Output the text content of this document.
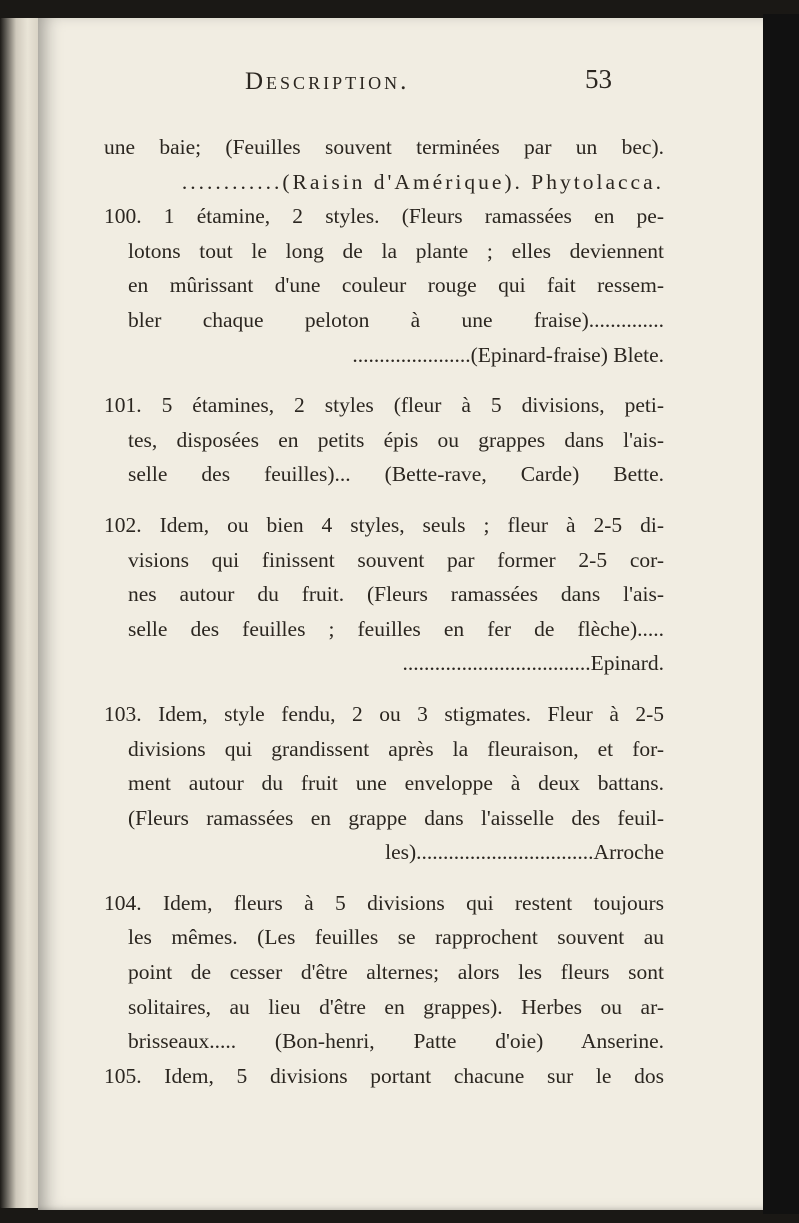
Description.	53
une baie; (Feuilles souvent terminées par un bec).
............(Raisin d'Amérique). Phytolacca.
100. 1 étamine, 2 styles. (Fleurs ramassées en pe-
lotons tout le long de la plante ; elles deviennent
en mûrissant d'une couleur rouge qui fait ressem-
bler chaque peloton à une fraise)..............
......................(Epinard-fraise) Blete.
101. 5 étamines, 2 styles (fleur à 5 divisions, peti-
tes, disposées en petits épis ou grappes dans l'ais-
selle des feuilles)... (Bette-rave, Carde) Bette.
102. Idem, ou bien 4 styles, seuls ; fleur à 2-5 di-
visions qui finissent souvent par former 2-5 cor-
nes autour du fruit. (Fleurs ramassées dans l'ais-
selle des feuilles ; feuilles en fer de flèche).....
...................................Epinard.
103. Idem, style fendu, 2 ou 3 stigmates. Fleur à 2-5
divisions qui grandissent après la fleuraison, et for-
ment autour du fruit une enveloppe à deux battans.
(Fleurs ramassées en grappe dans l'aisselle des feuil-
les).................................Arroche
104. Idem, fleurs à 5 divisions qui restent toujours
les mêmes. (Les feuilles se rapprochent souvent au
point de cesser d'être alternes; alors les fleurs sont
solitaires, au lieu d'être en grappes). Herbes ou ar-
brisseaux..... (Bon-henri, Patte d'oie) Anserine.
105. Idem, 5 divisions portant chacune sur le dos
